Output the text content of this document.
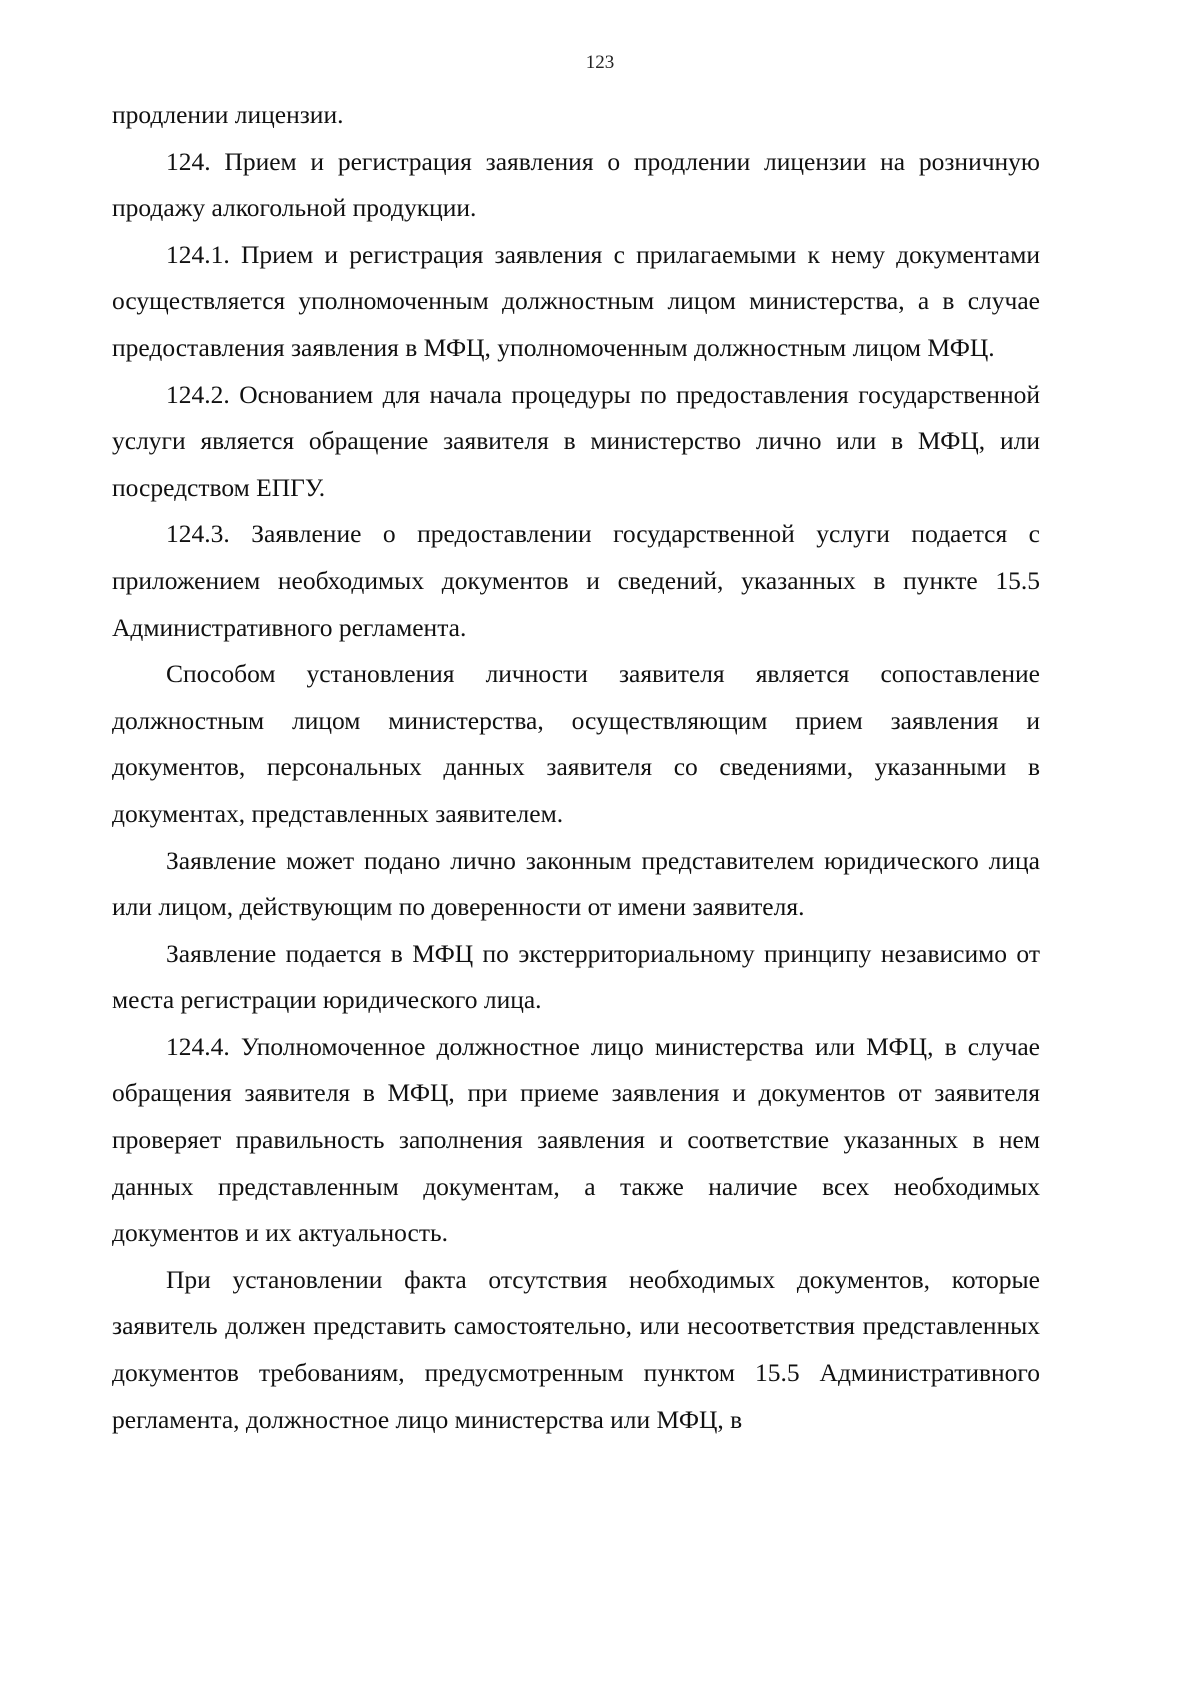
123

продлении лицензии.

124. Прием и регистрация заявления о продлении лицензии на розничную продажу алкогольной продукции.

124.1. Прием и регистрация заявления с прилагаемыми к нему документами осуществляется уполномоченным должностным лицом министерства, а в случае предоставления заявления в МФЦ, уполномоченным должностным лицом МФЦ.

124.2. Основанием для начала процедуры по предоставления государственной услуги является обращение заявителя в министерство лично или в МФЦ, или посредством ЕПГУ.

124.3. Заявление о предоставлении государственной услуги подается с приложением необходимых документов и сведений, указанных в пункте 15.5 Административного регламента.

Способом установления личности заявителя является сопоставление должностным лицом министерства, осуществляющим прием заявления и документов, персональных данных заявителя со сведениями, указанными в документах, представленных заявителем.

Заявление может подано лично законным представителем юридического лица или лицом, действующим по доверенности от имени заявителя.

Заявление подается в МФЦ по экстерриториальному принципу независимо от места регистрации юридического лица.

124.4. Уполномоченное должностное лицо министерства или МФЦ, в случае обращения заявителя в МФЦ, при приеме заявления и документов от заявителя проверяет правильность заполнения заявления и соответствие указанных в нем данных представленным документам, а также наличие всех необходимых документов и их актуальность.

При установлении факта отсутствия необходимых документов, которые заявитель должен представить самостоятельно, или несоответствия представленных документов требованиям, предусмотренным пунктом 15.5 Административного регламента, должностное лицо министерства или МФЦ, в
